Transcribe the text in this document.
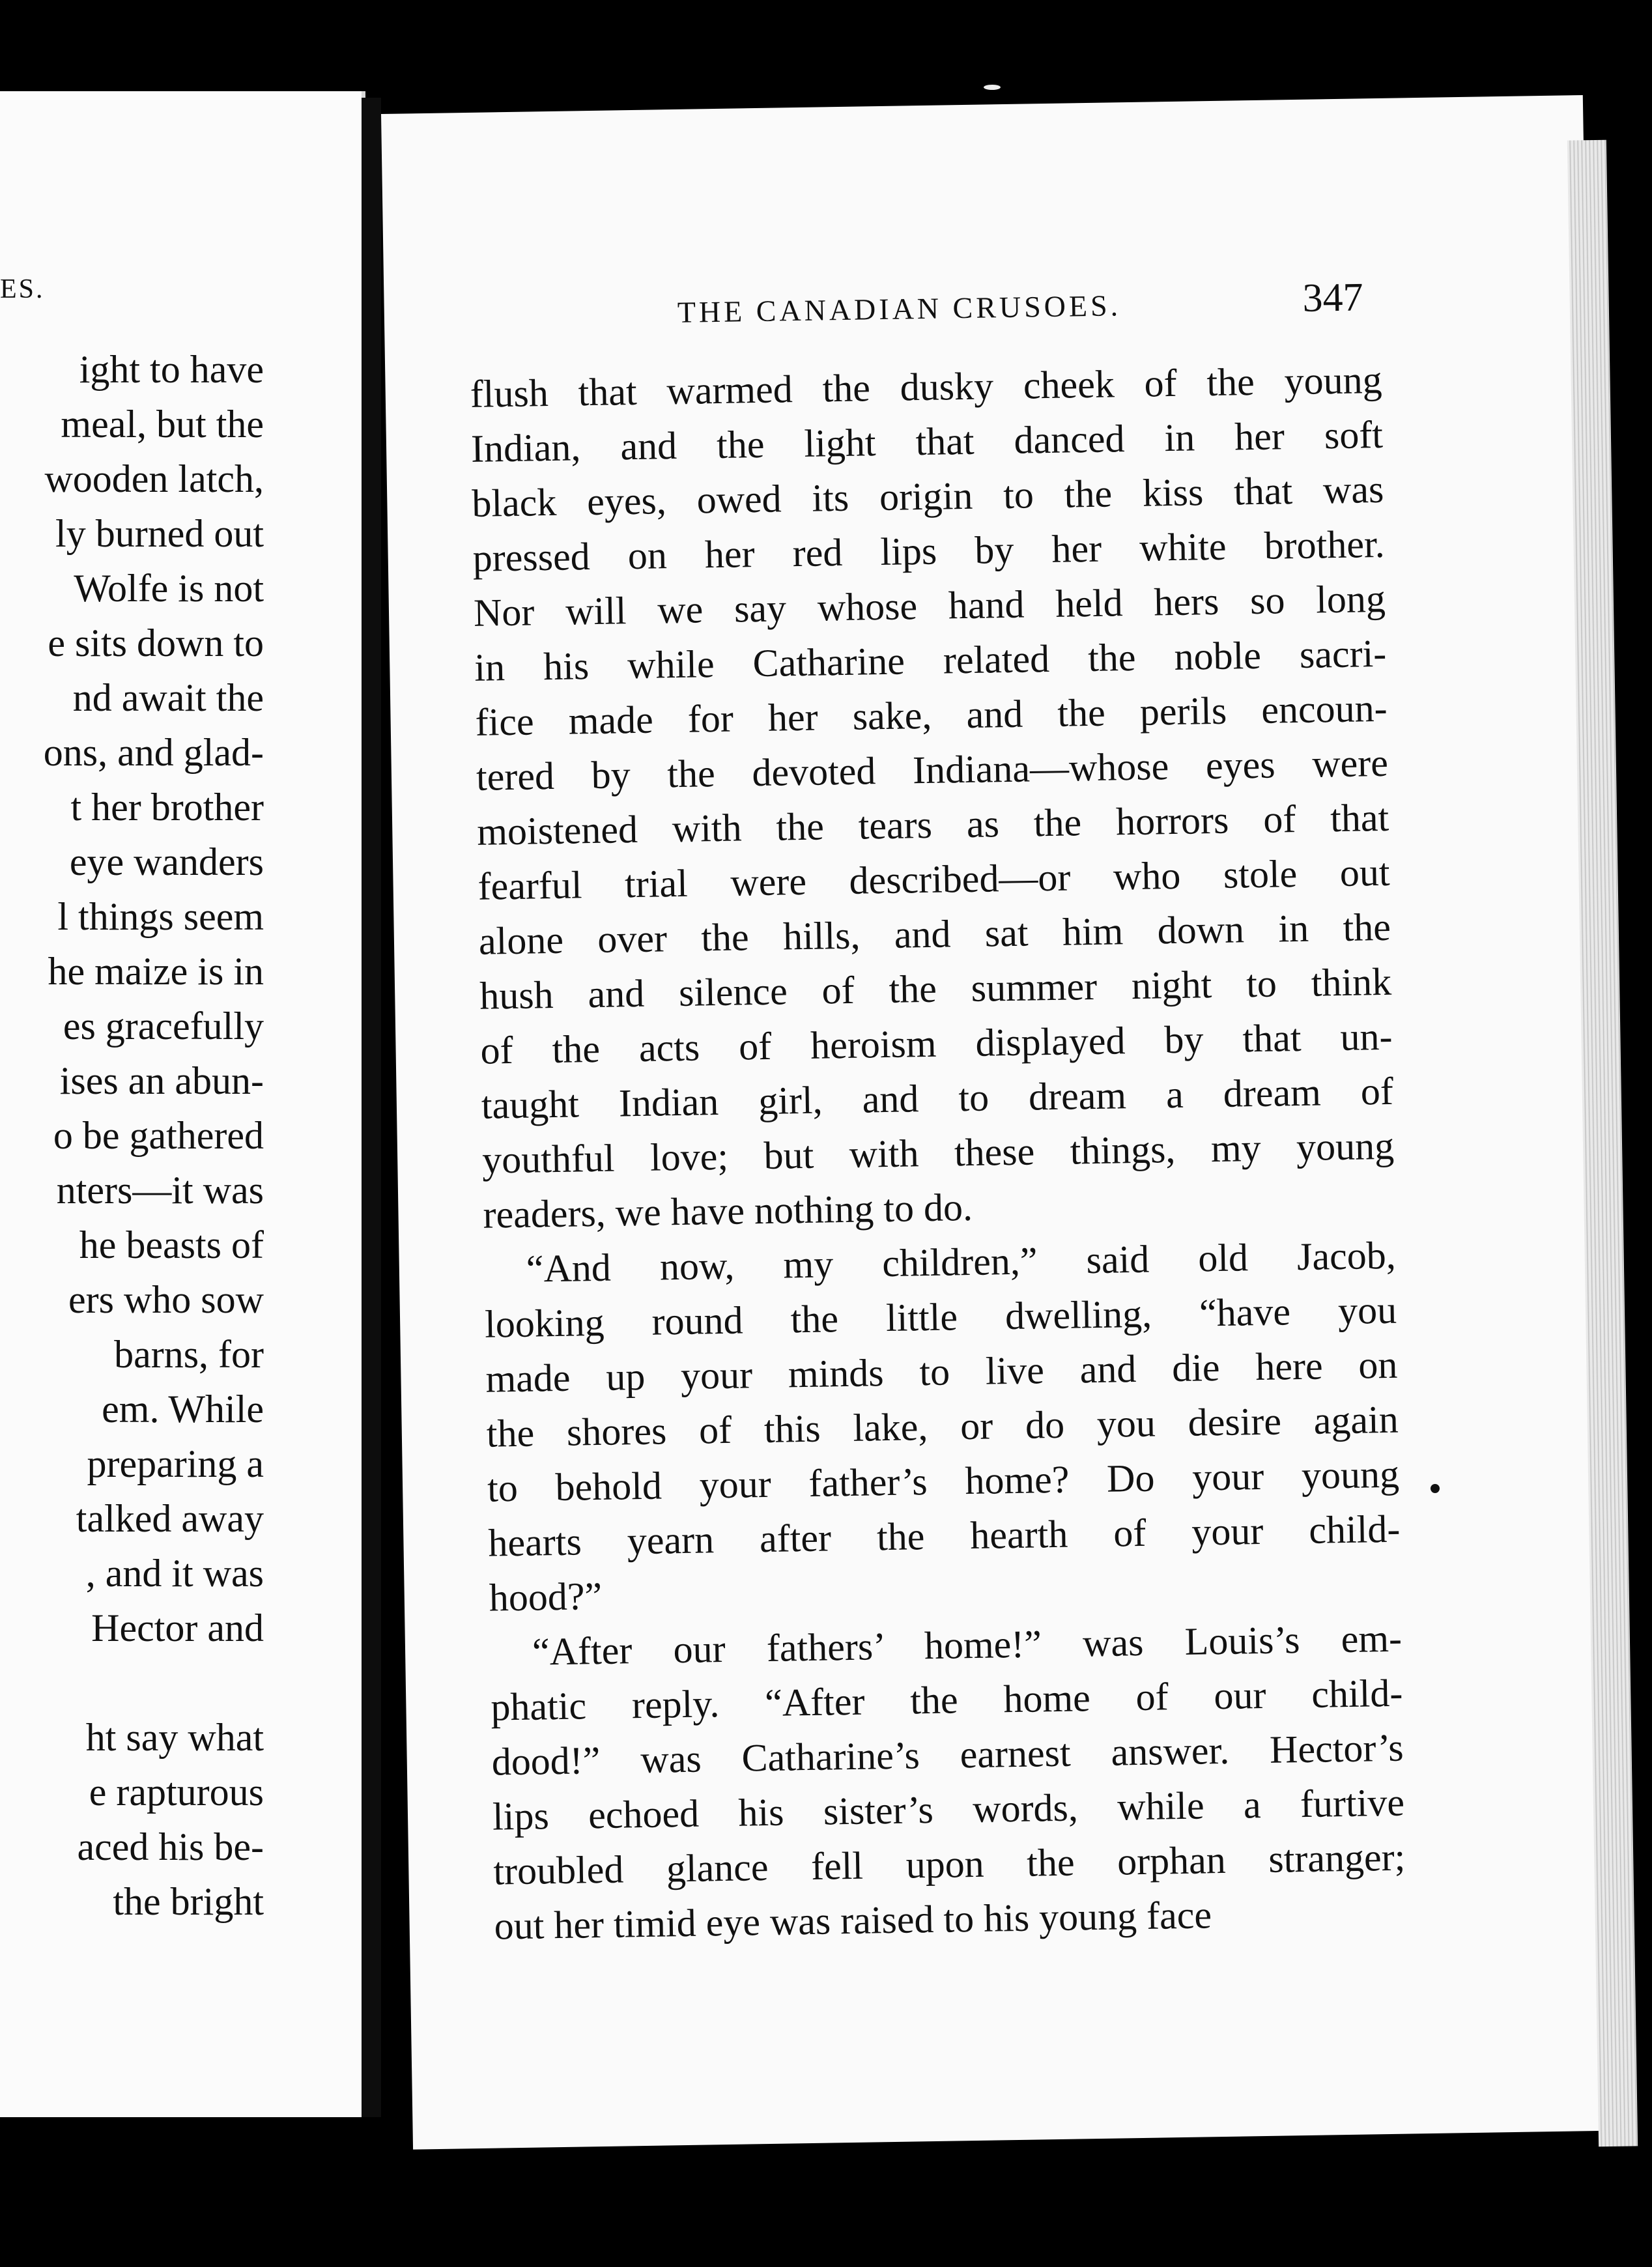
ES.
ight to have
meal, but the
wooden latch,
ly burned out
Wolfe is not
e sits down to
nd await the
ons, and glad-
t her brother
eye wanders
l things seem
he maize is in
es gracefully
ises an abun-
o be gathered
nters—it was
he beasts of
ers who sow
barns, for
em. While
preparing a
talked away
, and it was
Hector and
ht say what
e rapturous
aced his be-
the bright
THE CANADIAN CRUSOES.	347
flush that warmed the dusky cheek of the young
Indian, and the light that danced in her soft
black eyes, owed its origin to the kiss that was
pressed on her red lips by her white brother.
Nor will we say whose hand held hers so long
in his while Catharine related the noble sacri-
fice made for her sake, and the perils encoun-
tered by the devoted Indiana—whose eyes were
moistened with the tears as the horrors of that
fearful trial were described—or who stole out
alone over the hills, and sat him down in the
hush and silence of the summer night to think
of the acts of heroism displayed by that un-
taught Indian girl, and to dream a dream of
youthful love; but with these things, my young
readers, we have nothing to do.
“And now, my children,” said old Jacob,
looking round the little dwelling, “have you
made up your minds to live and die here on
the shores of this lake, or do you desire again
to behold your father’s home? Do your young
hearts yearn after the hearth of your child-
hood?”
“After our fathers’ home!” was Louis’s em-
phatic reply. “After the home of our child-
dood!” was Catharine’s earnest answer. Hector’s
lips echoed his sister’s words, while a furtive
troubled glance fell upon the orphan stranger;
out her timid eye was raised to his young face
